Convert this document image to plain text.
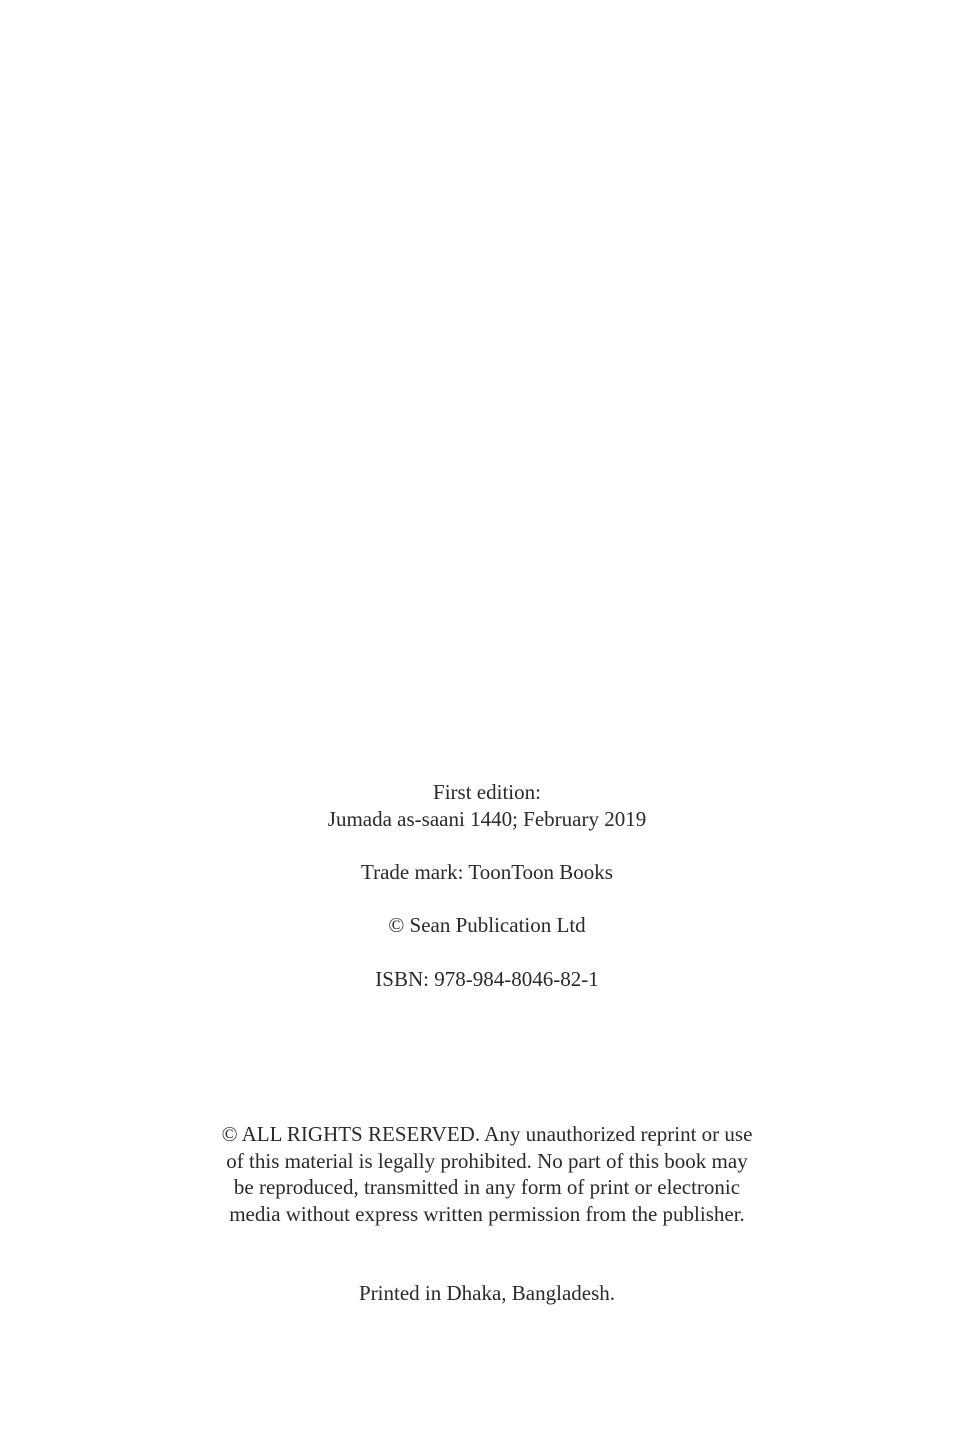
First edition:
Jumada as-saani 1440; February 2019
Trade mark: ToonToon Books
© Sean Publication Ltd
ISBN: 978-984-8046-82-1
© ALL RIGHTS RESERVED. Any unauthorized reprint or use
of this material is legally prohibited. No part of this book may
be reproduced, transmitted in any form of print or electronic
media without express written permission from the publisher.
Printed in Dhaka, Bangladesh.
